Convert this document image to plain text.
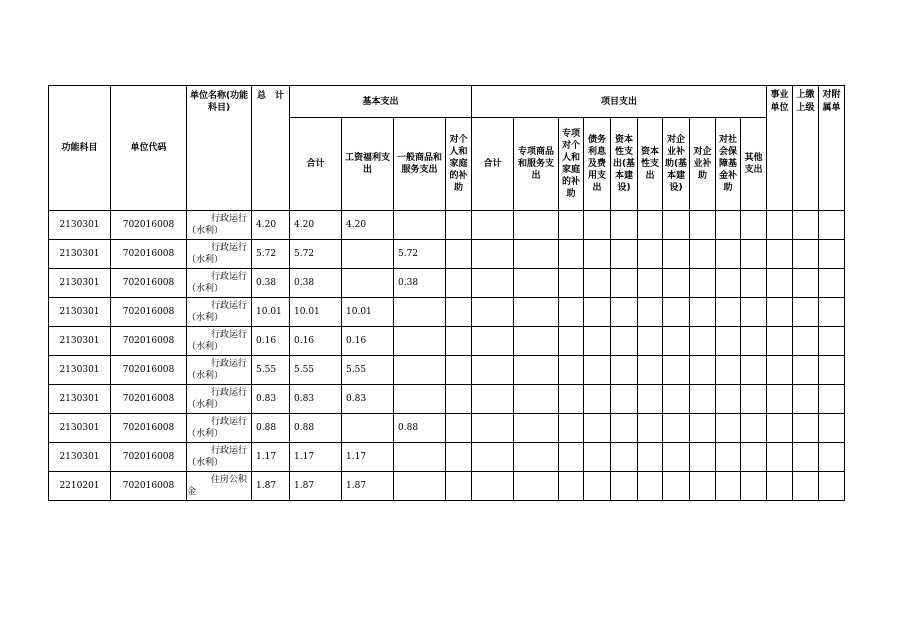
功能科目	单位代码	单位名称(功能科目)	总　计	基本支出				项目支出										事业单位	上缴上级	对附属单

				合计	工资福利支出	一般商品和服务支出	对个人和家庭的补助	合计	专项商品和服务支出	专项对个人和家庭的补助	债务利息及费用支出	资本性支出(基本建设)	资本性支出	对企业补助(基本建设)	对企业补助	对社会保障基金补助	其他支出			
2130301	702016008	行政运行
（水利）	4.20	4.20	4.20															
2130301	702016008	行政运行
（水利）	5.72	5.72		5.72														
2130301	702016008	行政运行
（水利）	0.38	0.38		0.38														
2130301	702016008	行政运行
（水利）	10.01	10.01	10.01															
2130301	702016008	行政运行
（水利）	0.16	0.16	0.16															
2130301	702016008	行政运行
（水利）	5.55	5.55	5.55															
2130301	702016008	行政运行
（水利）	0.83	0.83	0.83															
2130301	702016008	行政运行
（水利）	0.88	0.88		0.88														
2130301	702016008	行政运行
（水利）	1.17	1.17	1.17															
2210201	702016008	住房公积
金	1.87	1.87	1.87															
